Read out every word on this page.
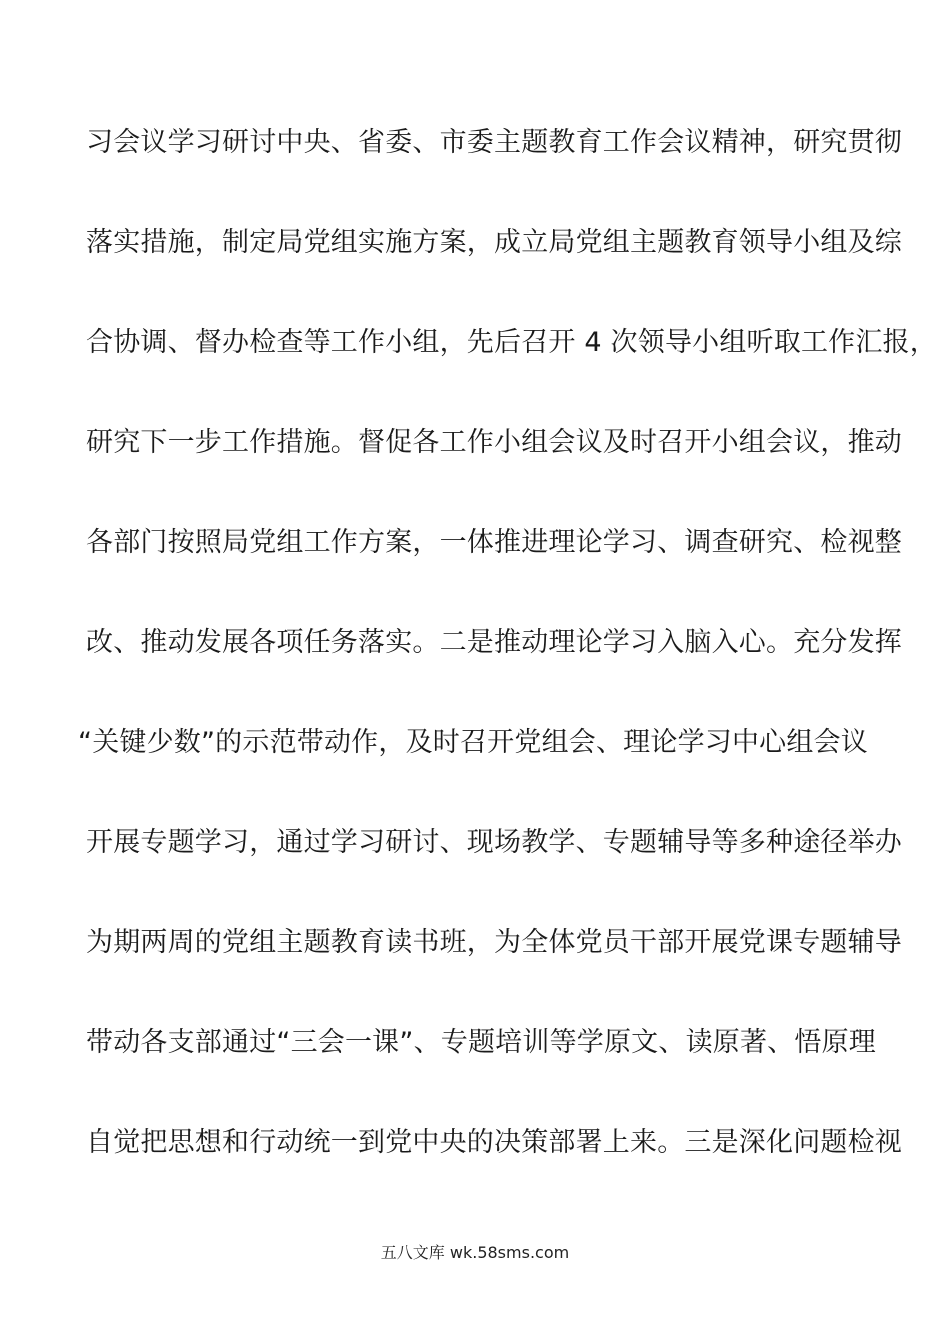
习会议学习研讨中央、省委、市委主题教育工作会议精神，研究贯彻
落实措施，制定局党组实施方案，成立局党组主题教育领导小组及综
合协调、督办检查等工作小组，先后召开 4 次领导小组听取工作汇报，
研究下一步工作措施。督促各工作小组会议及时召开小组会议，推动
各部门按照局党组工作方案，一体推进理论学习、调查研究、检视整
改、推动发展各项任务落实。二是推动理论学习入脑入心。充分发挥
“关键少数”的示范带动作，及时召开党组会、理论学习中心组会议
开展专题学习，通过学习研讨、现场教学、专题辅导等多种途径举办
为期两周的党组主题教育读书班，为全体党员干部开展党课专题辅导
带动各支部通过“三会一课”、专题培训等学原文、读原著、悟原理
自觉把思想和行动统一到党中央的决策部署上来。三是深化问题检视
五八文库 wk.58sms.com
